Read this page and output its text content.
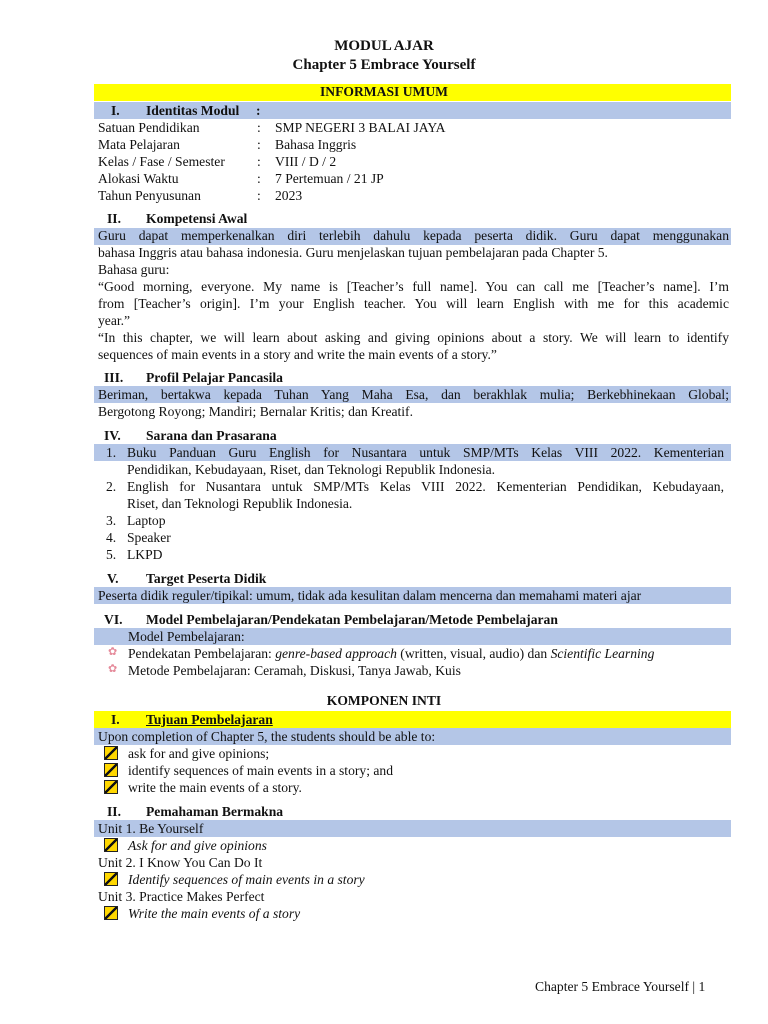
MODUL AJAR
Chapter 5 Embrace Yourself
INFORMASI UMUM
I. Identitas Modul :
Satuan Pendidikan	: SMP NEGERI 3 BALAI JAYA
Mata Pelajaran	: Bahasa Inggris
Kelas / Fase / Semester : VIII / D / 2
Alokasi Waktu	: 7 Pertemuan / 21 JP
Tahun Penyusunan	: 2023
II. Kompetensi Awal
Guru dapat memperkenalkan diri terlebih dahulu kepada peserta didik. Guru dapat menggunakan
bahasa Inggris atau bahasa indonesia. Guru menjelaskan tujuan pembelajaran pada Chapter 5.
Bahasa guru:
“Good morning, everyone. My name is [Teacher’s full name]. You can call me [Teacher’s name]. I’m
from [Teacher’s origin]. I’m your English teacher. You will learn English with me for this academic
year.”
“In this chapter, we will learn about asking and giving opinions about a story. We will learn to identify
sequences of main events in a story and write the main events of a story.”
III. Profil Pelajar Pancasila
Beriman, bertakwa kepada Tuhan Yang Maha Esa, dan berakhlak mulia; Berkebhinekaan Global;
Bergotong Royong; Mandiri; Bernalar Kritis; dan Kreatif.
IV. Sarana dan Prasarana
1. Buku Panduan Guru English for Nusantara untuk SMP/MTs Kelas VIII 2022. Kementerian
Pendidikan, Kebudayaan, Riset, dan Teknologi Republik Indonesia.
2. English for Nusantara untuk SMP/MTs Kelas VIII 2022. Kementerian Pendidikan, Kebudayaan,
Riset, dan Teknologi Republik Indonesia.
3. Laptop
4. Speaker
5. LKPD
V. Target Peserta Didik
Peserta didik reguler/tipikal: umum, tidak ada kesulitan dalam mencerna dan memahami materi ajar
VI. Model Pembelajaran/Pendekatan Pembelajaran/Metode Pembelajaran
Model Pembelajaran:
✿ Pendekatan Pembelajaran: genre-based approach (written, visual, audio) dan Scientific Learning
✿ Metode Pembelajaran: Ceramah, Diskusi, Tanya Jawab, Kuis
KOMPONEN INTI
I. Tujuan Pembelajaran
Upon completion of Chapter 5, the students should be able to:
ask for and give opinions;
identify sequences of main events in a story; and
write the main events of a story.
II. Pemahaman Bermakna
Unit 1. Be Yourself
Ask for and give opinions
Unit 2. I Know You Can Do It
Identify sequences of main events in a story
Unit 3. Practice Makes Perfect
Write the main events of a story
Chapter 5 Embrace Yourself | 1
